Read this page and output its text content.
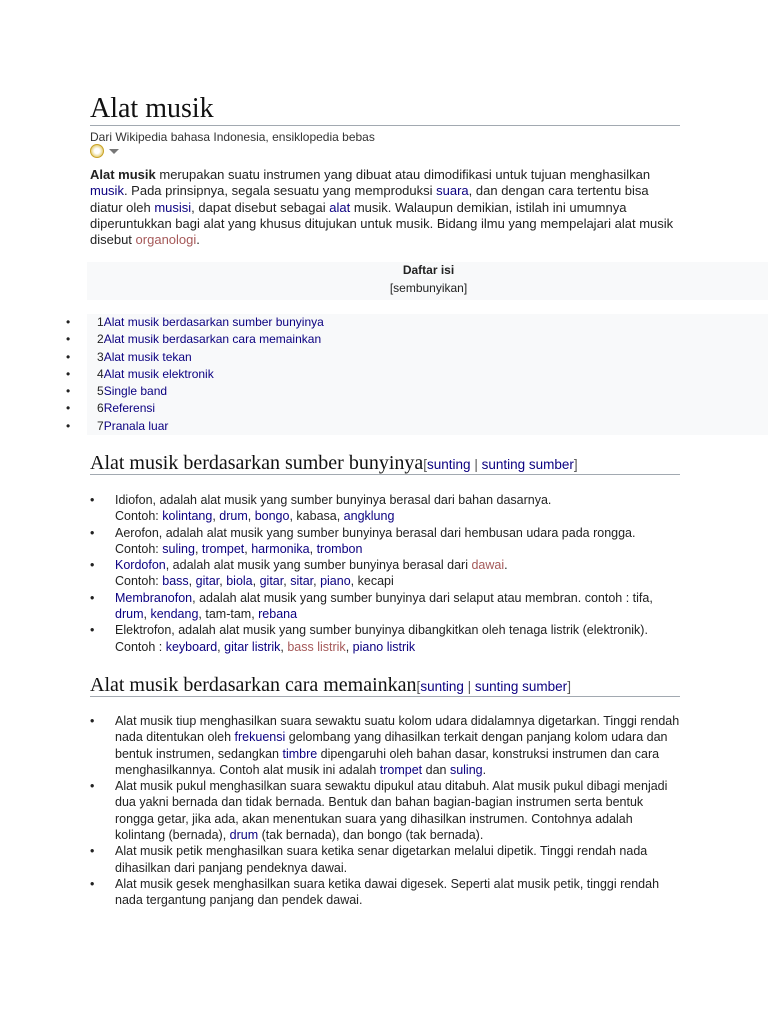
Alat musik
Dari Wikipedia bahasa Indonesia, ensiklopedia bebas
Alat musik merupakan suatu instrumen yang dibuat atau dimodifikasi untuk tujuan menghasilkan musik. Pada prinsipnya, segala sesuatu yang memproduksi suara, dan dengan cara tertentu bisa diatur oleh musisi, dapat disebut sebagai alat musik. Walaupun demikian, istilah ini umumnya diperuntukkan bagi alat yang khusus ditujukan untuk musik. Bidang ilmu yang mempelajari alat musik disebut organologi.
Daftar isi
[sembunyikan]
• 1Alat musik berdasarkan sumber bunyinya
• 2Alat musik berdasarkan cara memainkan
• 3Alat musik tekan
• 4Alat musik elektronik
• 5Single band
• 6Referensi
• 7Pranala luar
Alat musik berdasarkan sumber bunyinya[sunting | sunting sumber]
• Idiofon, adalah alat musik yang sumber bunyinya berasal dari bahan dasarnya.
Contoh: kolintang, drum, bongo, kabasa, angklung
• Aerofon, adalah alat musik yang sumber bunyinya berasal dari hembusan udara pada rongga.
Contoh: suling, trompet, harmonika, trombon
• Kordofon, adalah alat musik yang sumber bunyinya berasal dari dawai.
Contoh: bass, gitar, biola, gitar, sitar, piano, kecapi
• Membranofon, adalah alat musik yang sumber bunyinya dari selaput atau membran. contoh : tifa, drum, kendang, tam-tam, rebana
• Elektrofon, adalah alat musik yang sumber bunyinya dibangkitkan oleh tenaga listrik (elektronik).
Contoh : keyboard, gitar listrik, bass listrik, piano listrik
Alat musik berdasarkan cara memainkan[sunting | sunting sumber]
• Alat musik tiup menghasilkan suara sewaktu suatu kolom udara didalamnya digetarkan. Tinggi rendah nada ditentukan oleh frekuensi gelombang yang dihasilkan terkait dengan panjang kolom udara dan bentuk instrumen, sedangkan timbre dipengaruhi oleh bahan dasar, konstruksi instrumen dan cara menghasilkannya. Contoh alat musik ini adalah trompet dan suling.
• Alat musik pukul menghasilkan suara sewaktu dipukul atau ditabuh. Alat musik pukul dibagi menjadi dua yakni bernada dan tidak bernada. Bentuk dan bahan bagian-bagian instrumen serta bentuk rongga getar, jika ada, akan menentukan suara yang dihasilkan instrumen. Contohnya adalah kolintang (bernada), drum (tak bernada), dan bongo (tak bernada).
• Alat musik petik menghasilkan suara ketika senar digetarkan melalui dipetik. Tinggi rendah nada dihasilkan dari panjang pendeknya dawai.
• Alat musik gesek menghasilkan suara ketika dawai digesek. Seperti alat musik petik, tinggi rendah nada tergantung panjang dan pendek dawai.
